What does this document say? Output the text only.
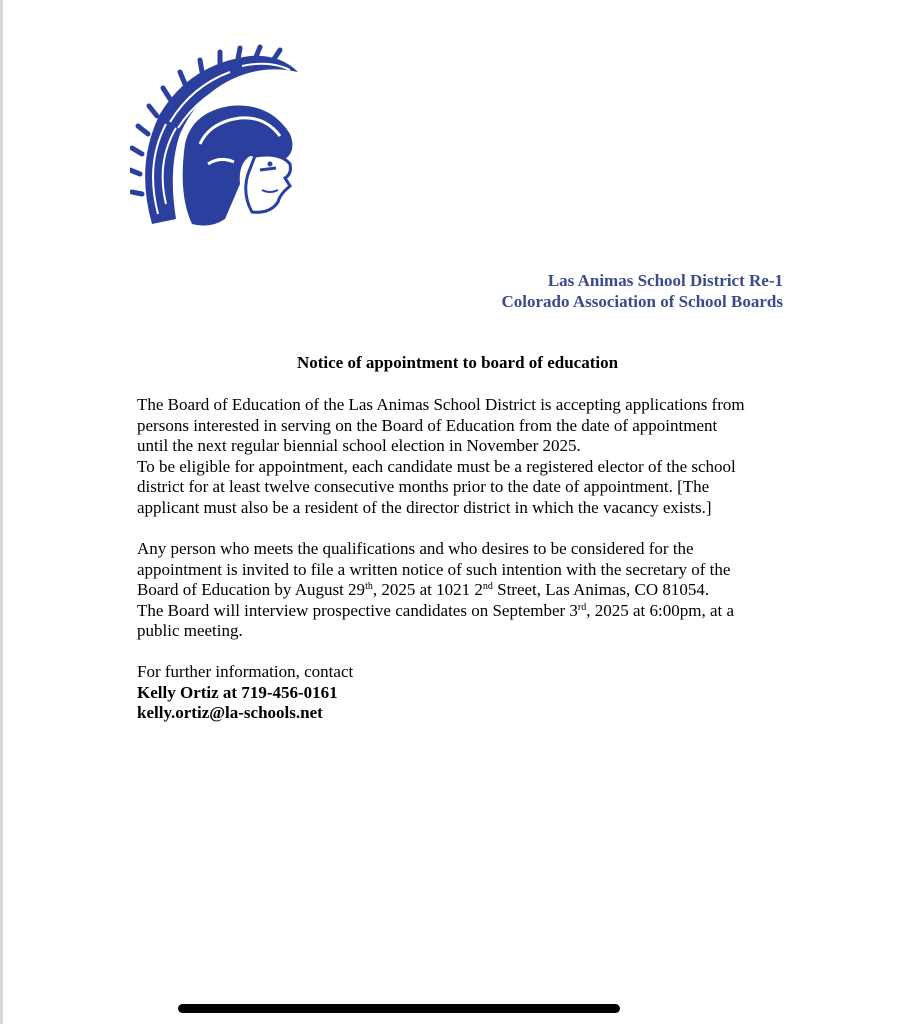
Las Animas School District Re-1
Colorado Association of School Boards
Notice of appointment to board of education
The Board of Education of the Las Animas School District is accepting applications from
persons interested in serving on the Board of Education from the date of appointment
until the next regular biennial school election in November 2025.
To be eligible for appointment, each candidate must be a registered elector of the school
district for at least twelve consecutive months prior to the date of appointment. [The
applicant must also be a resident of the director district in which the vacancy exists.]
Any person who meets the qualifications and who desires to be considered for the
appointment is invited to file a written notice of such intention with the secretary of the
Board of Education by August 29th, 2025 at 1021 2nd Street, Las Animas, CO 81054.
The Board will interview prospective candidates on September 3rd, 2025 at 6:00pm, at a
public meeting.
For further information, contact
Kelly Ortiz at 719-456-0161
kelly.ortiz@la-schools.net
